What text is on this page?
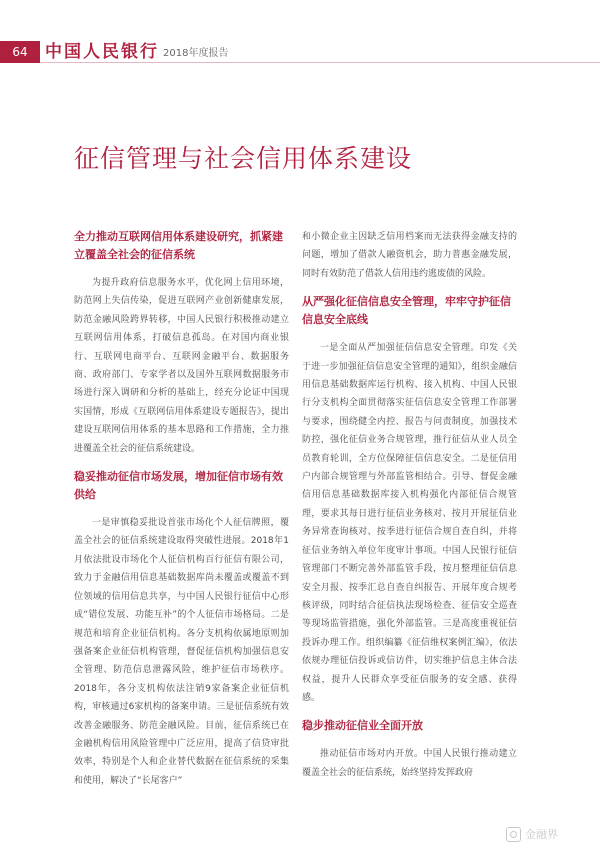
64	中国人民银行 2018年度报告
征信管理与社会信用体系建设
全力推动互联网信用体系建设研究，抓紧建立覆盖全社会的征信系统
为提升政府信息服务水平，优化网上信用环境，防范网上失信传染，促进互联网产业创新健康发展，防范金融风险跨界转移，中国人民银行积极推动建立互联网信用体系，打破信息孤岛。在对国内商业银行、互联网电商平台、互联网金融平台、数据服务商、政府部门、专家学者以及国外互联网数据服务市场进行深入调研和分析的基础上，经充分论证中国现实国情，形成《互联网信用体系建设专题报告》，提出建设互联网信用体系的基本思路和工作措施，全力推进覆盖全社会的征信系统建设。
稳妥推动征信市场发展，增加征信市场有效供给
一是审慎稳妥批设首张市场化个人征信牌照，覆盖全社会的征信系统建设取得突破性进展。2018年1月依法批设市场化个人征信机构百行征信有限公司，致力于金融信用信息基础数据库尚未覆盖或覆盖不到位领域的信用信息共享，与中国人民银行征信中心形成“错位发展、功能互补”的个人征信市场格局。二是规范和培育企业征信机构。各分支机构依属地原则加强备案企业征信机构管理，督促征信机构加强信息安全管理、防范信息泄露风险，维护征信市场秩序。2018年，各分支机构依法注销9家备案企业征信机构，审核通过6家机构的备案申请。三是征信系统有效改善金融服务、防范金融风险。目前，征信系统已在金融机构信用风险管理中广泛应用，提高了信贷审批效率，特别是个人和企业替代数据在征信系统的采集和使用，解决了“长尾客户”
和小微企业主因缺乏信用档案而无法获得金融支持的问题，增加了借款人融资机会，助力普惠金融发展，同时有效防范了借款人信用违约逃废债的风险。
从严强化征信信息安全管理，牢牢守护征信信息安全底线
一是全面从严加强征信信息安全管理。印发《关于进一步加强征信信息安全管理的通知》，组织金融信用信息基础数据库运行机构、接入机构、中国人民银行分支机构全面贯彻落实征信信息安全管理工作部署与要求，围绕健全内控、报告与问责制度，加强技术防控，强化征信业务合规管理，推行征信从业人员全员教育轮训，全方位保障征信信息安全。二是征信用户内部合规管理与外部监管相结合。引导、督促金融信用信息基础数据库接入机构强化内部征信合规管理，要求其每日进行征信业务核对、按月开展征信业务异常查询核对、按季进行征信合规自查自纠，并将征信业务纳入单位年度审计事项。中国人民银行征信管理部门不断完善外部监管手段，按月整理征信信息安全月报、按季汇总自查自纠报告、开展年度合规考核评级，同时结合征信执法现场检查、征信安全巡查等现场监管措施，强化外部监管。三是高度重视征信投诉办理工作。组织编纂《征信维权案例汇编》，依法依规办理征信投诉或信访件，切实维护信息主体合法权益，提升人民群众享受征信服务的安全感、获得感。
稳步推动征信业全面开放
推动征信市场对内开放。中国人民银行推动建立覆盖全社会的征信系统，始终坚持发挥政府
金融界
